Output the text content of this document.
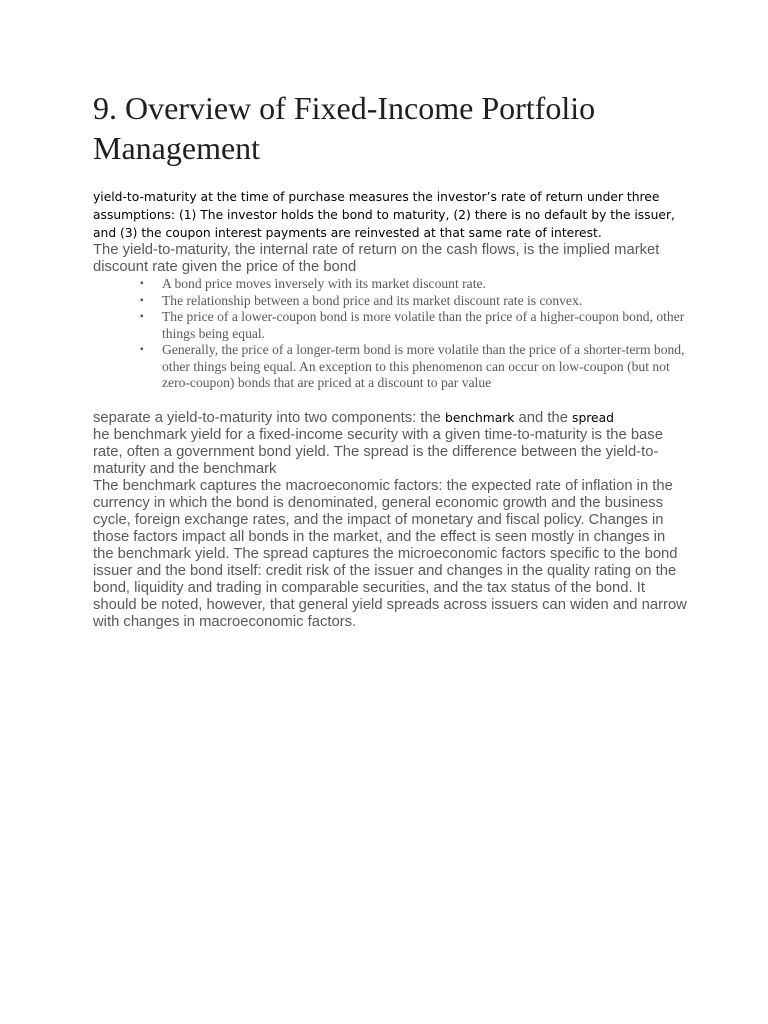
9. Overview of Fixed-Income Portfolio Management

yield-to-maturity at the time of purchase measures the investor’s rate of return under three assumptions: (1) The investor holds the bond to maturity, (2) there is no default by the issuer, and (3) the coupon interest payments are reinvested at that same rate of interest.

The yield-to-maturity, the internal rate of return on the cash flows, is the implied market discount rate given the price of the bond

▪ A bond price moves inversely with its market discount rate.
▪ The relationship between a bond price and its market discount rate is convex.
▪ The price of a lower-coupon bond is more volatile than the price of a higher-coupon bond, other things being equal.
▪ Generally, the price of a longer-term bond is more volatile than the price of a shorter-term bond, other things being equal. An exception to this phenomenon can occur on low-coupon (but not zero-coupon) bonds that are priced at a discount to par value

separate a yield-to-maturity into two components: the benchmark and the spread

he benchmark yield for a fixed-income security with a given time-to-maturity is the base rate, often a government bond yield. The spread is the difference between the yield-to-maturity and the benchmark

The benchmark captures the macroeconomic factors: the expected rate of inflation in the currency in which the bond is denominated, general economic growth and the business cycle, foreign exchange rates, and the impact of monetary and fiscal policy. Changes in those factors impact all bonds in the market, and the effect is seen mostly in changes in the benchmark yield. The spread captures the microeconomic factors specific to the bond issuer and the bond itself: credit risk of the issuer and changes in the quality rating on the bond, liquidity and trading in comparable securities, and the tax status of the bond. It should be noted, however, that general yield spreads across issuers can widen and narrow with changes in macroeconomic factors.
